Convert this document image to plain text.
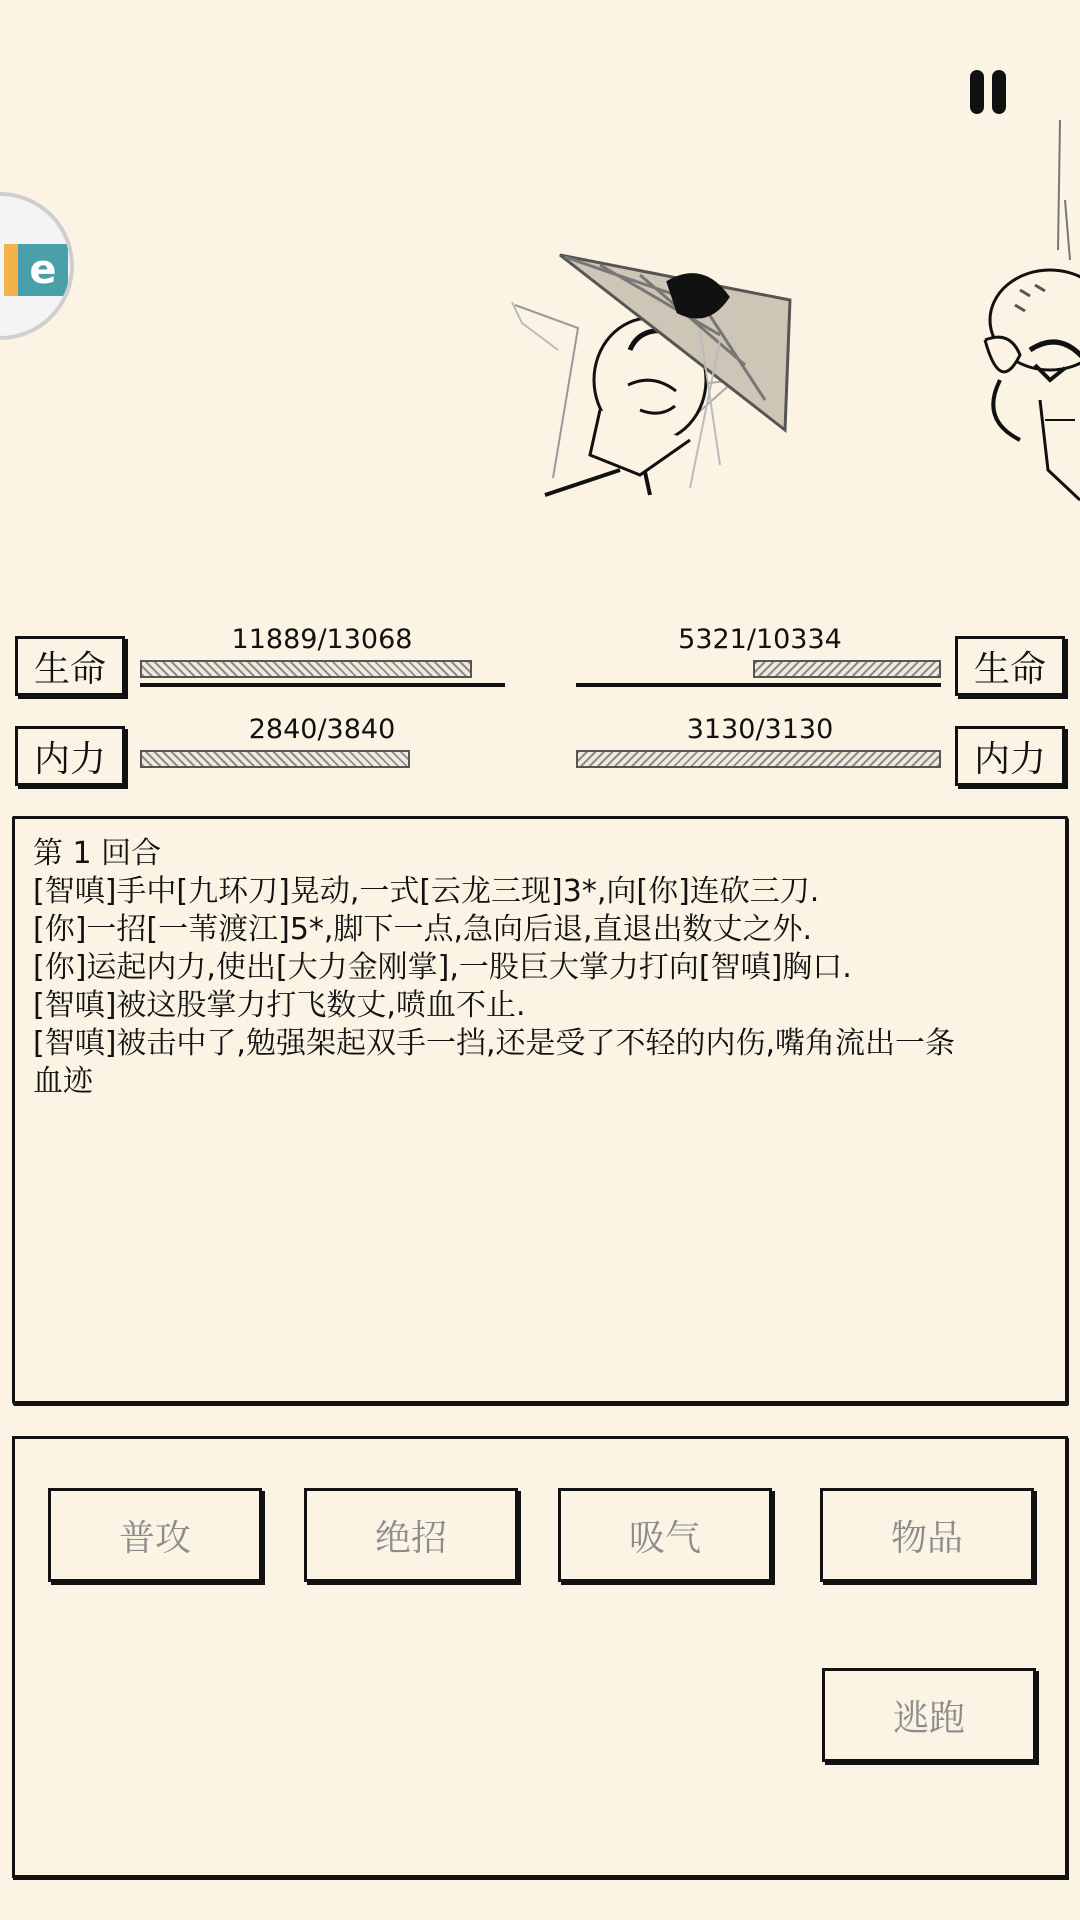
e
生命
11889/13068
生命
5321/10334
内力
2840/3840
内力
3130/3130

第 1 回合

[智嗔]手中[九环刀]晃动,一式[云龙三现]3*,向[你]连砍三刀.

[你]一招[一苇渡江]5*,脚下一点,急向后退,直退出数丈之外.

[你]运起内力,使出[大力金刚掌],一股巨大掌力打向[智嗔]胸口.

[智嗔]被这股掌力打飞数丈,喷血不止.

[智嗔]被击中了,勉强架起双手一挡,还是受了不轻的内伤,嘴角流出一条
血迹

普攻	绝招	吸气	物品
逃跑
